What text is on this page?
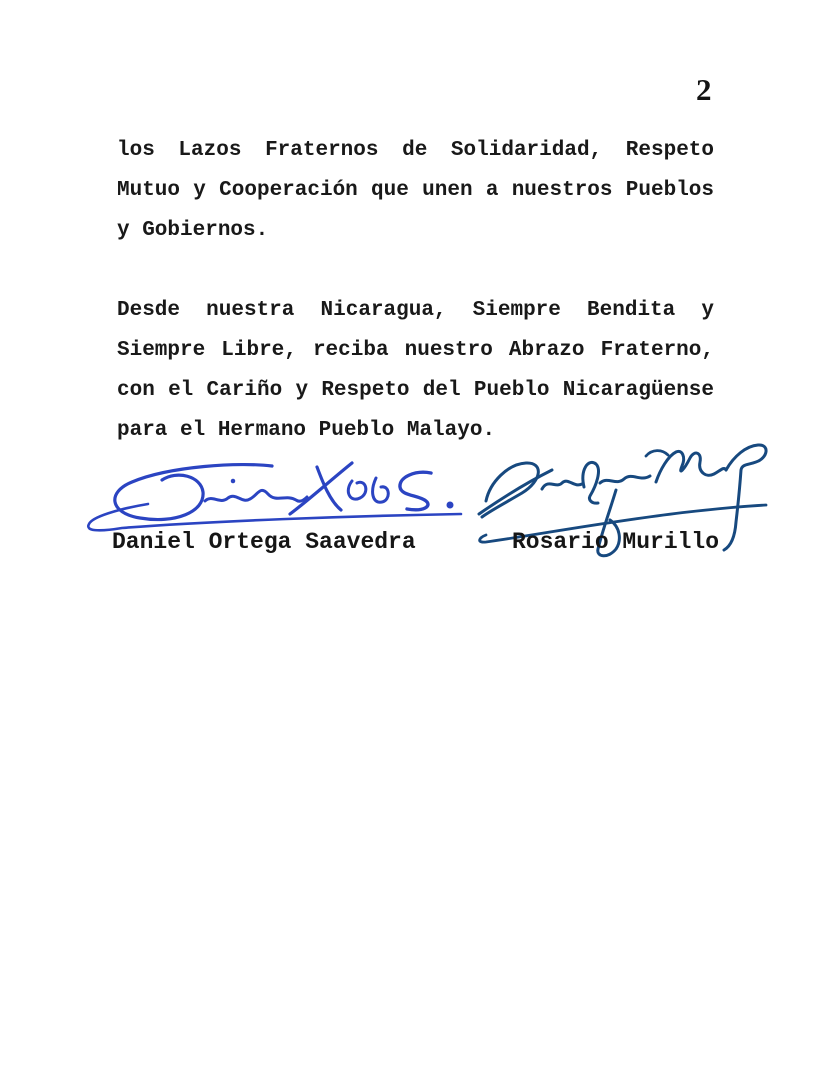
2

los Lazos Fraternos de Solidaridad, Respeto Mutuo y Cooperación que unen a nuestros Pueblos y Gobiernos.

Desde nuestra Nicaragua, Siempre Bendita y Siempre Libre, reciba nuestro Abrazo Fraterno, con el Cariño y Respeto del Pueblo Nicaragüense para el Hermano Pueblo Malayo.

Daniel Ortega Saavedra	Rosario Murillo
